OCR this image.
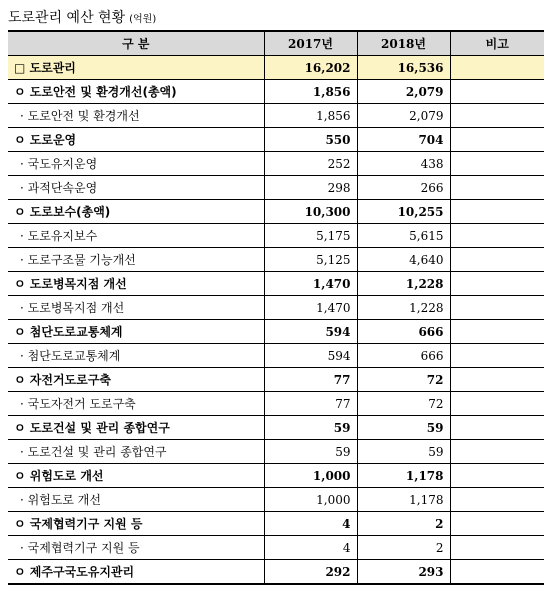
도로관리 예산 현황 (억원)
구 분	2017년	2018년	비고
□ 도로관리	16,202	16,536	
ㅇ 도로안전 및 환경개선(총액)	1,856	2,079	
· 도로안전 및 환경개선	1,856	2,079	
ㅇ 도로운영	550	704	
· 국도유지운영	252	438	
· 과적단속운영	298	266	
ㅇ 도로보수(총액)	10,300	10,255	
· 도로유지보수	5,175	5,615	
· 도로구조물 기능개선	5,125	4,640	
ㅇ 도로병목지점 개선	1,470	1,228	
· 도로병목지점 개선	1,470	1,228	
ㅇ 첨단도로교통체계	594	666	
· 첨단도로교통체계	594	666	
ㅇ 자전거도로구축	77	72	
· 국도자전거 도로구축	77	72	
ㅇ 도로건설 및 관리 종합연구	59	59	
· 도로건설 및 관리 종합연구	59	59	
ㅇ 위험도로 개선	1,000	1,178	
· 위험도로 개선	1,000	1,178	
ㅇ 국제협력기구 지원 등	4	2	
· 국제협력기구 지원 등	4	2	
ㅇ 제주구국도유지관리	292	293	
